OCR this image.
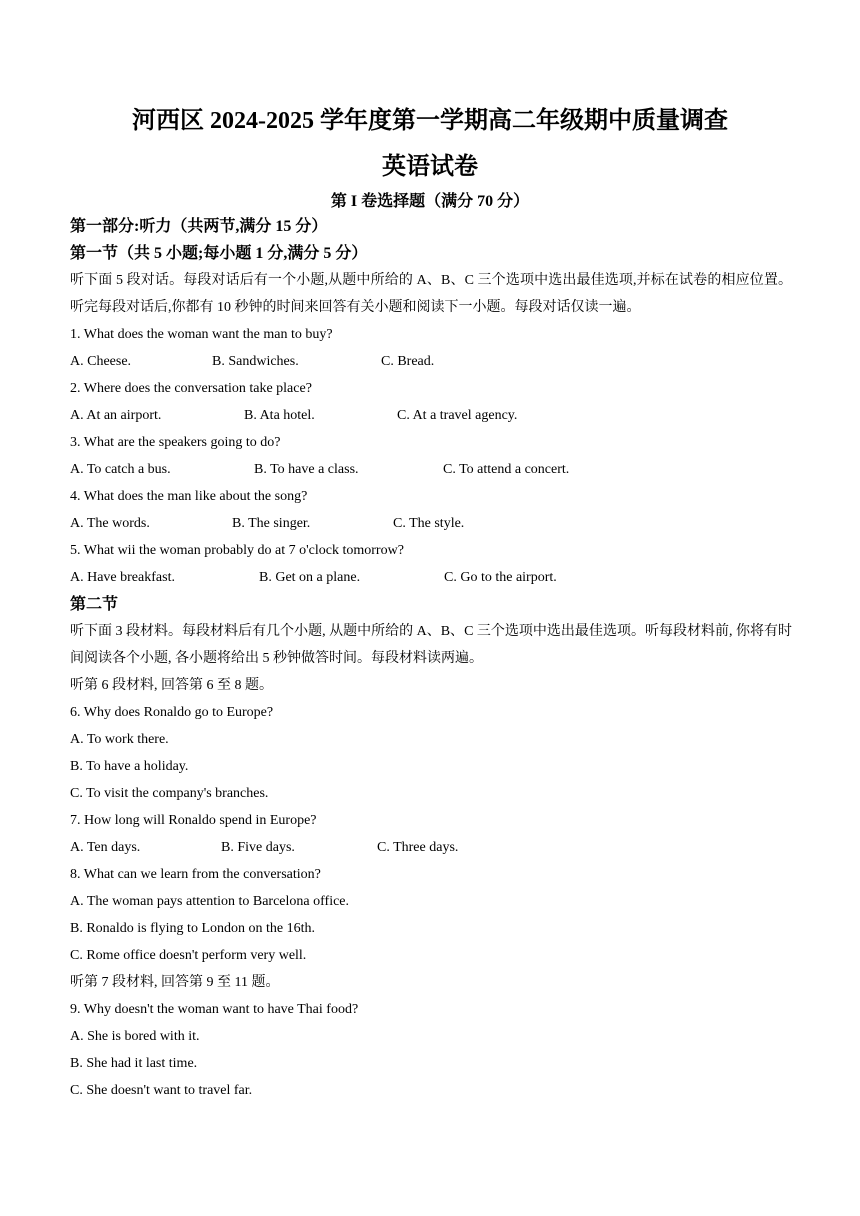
河西区 2024-2025 学年度第一学期高二年级期中质量调查
英语试卷
第 I 卷选择题（满分 70 分）
第一部分:听力（共两节,满分 15 分）
第一节（共 5 小题;每小题 1 分,满分 5 分）
听下面 5 段对话。每段对话后有一个小题,从题中所给的 A、B、C 三个选项中选出最佳选项,并标在试卷的相应位置。听完每段对话后,你都有 10 秒钟的时间来回答有关小题和阅读下一小题。每段对话仅读一遍。
1. What does the woman want the man to buy?
A. Cheese.	B. Sandwiches.	C. Bread.
2. Where does the conversation take place?
A. At an airport.	B. Ata hotel.	C. At a travel agency.
3. What are the speakers going to do?
A. To catch a bus.	B. To have a class.	C. To attend a concert.
4. What does the man like about the song?
A. The words.	B. The singer.	C. The style.
5. What wii the woman probably do at 7 o'clock tomorrow?
A. Have breakfast.	B. Get on a plane.	C. Go to the airport.
第二节
听下面 3 段材料。每段材料后有几个小题, 从题中所给的 A、B、C 三个选项中选出最佳选项。听每段材料前, 你将有时间阅读各个小题, 各小题将给出 5 秒钟做答时间。每段材料读两遍。
听第 6 段材料, 回答第 6 至 8 题。
6. Why does Ronaldo go to Europe?
A. To work there.
B. To have a holiday.
C. To visit the company's branches.
7. How long will Ronaldo spend in Europe?
A. Ten days.	B. Five days.	C. Three days.
8. What can we learn from the conversation?
A. The woman pays attention to Barcelona office.
B. Ronaldo is flying to London on the 16th.
C. Rome office doesn't perform very well.
听第 7 段材料, 回答第 9 至 11 题。
9. Why doesn't the woman want to have Thai food?
A. She is bored with it.
B. She had it last time.
C. She doesn't want to travel far.
